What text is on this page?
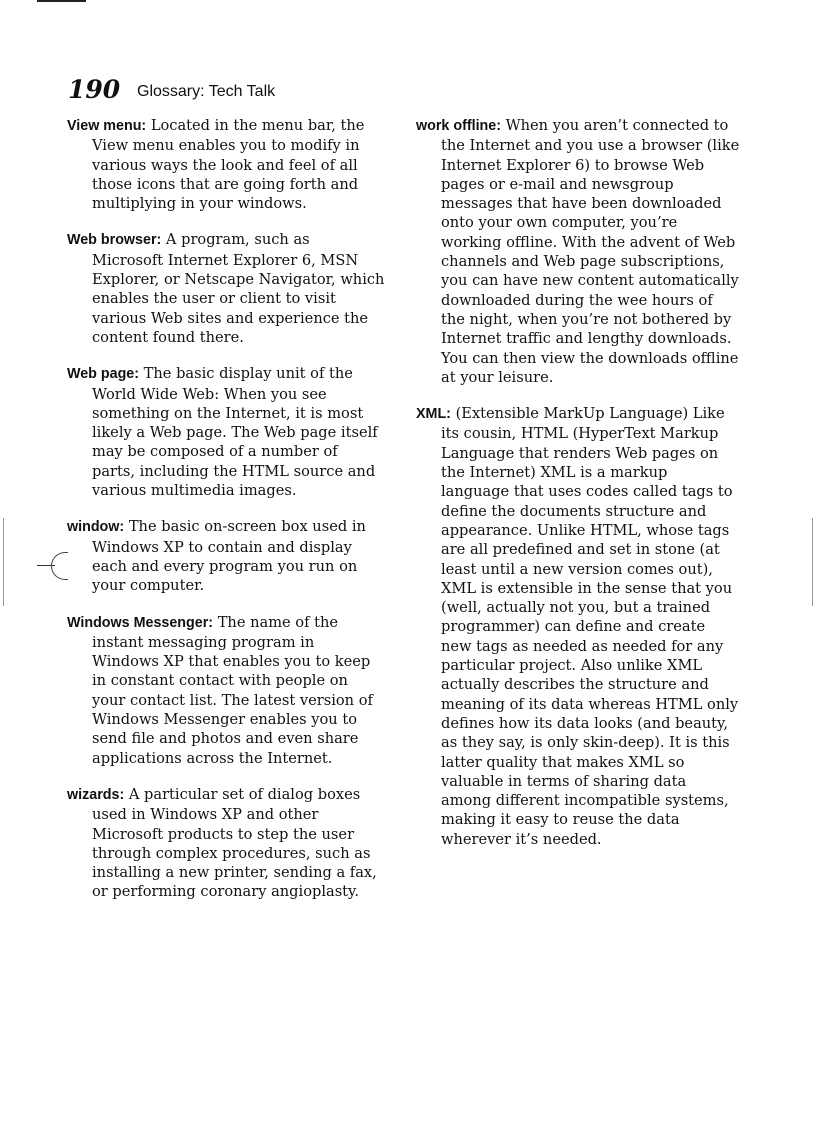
190 Glossary: Tech Talk

View menu: Located in the menu bar, the View menu enables you to modify in various ways the look and feel of all those icons that are going forth and multiplying in your windows.

Web browser: A program, such as Microsoft Internet Explorer 6, MSN Explorer, or Netscape Navigator, which enables the user or client to visit various Web sites and experience the content found there.

Web page: The basic display unit of the World Wide Web: When you see something on the Internet, it is most likely a Web page. The Web page itself may be composed of a number of parts, including the HTML source and various multimedia images.

window: The basic on-screen box used in Windows XP to contain and display each and every program you run on your computer.

Windows Messenger: The name of the instant messaging program in Windows XP that enables you to keep in constant contact with people on your contact list. The latest version of Windows Messenger enables you to send file and photos and even share applications across the Internet.

wizards: A particular set of dialog boxes used in Windows XP and other Microsoft products to step the user through complex procedures, such as installing a new printer, sending a fax, or performing coronary angioplasty.

work offline: When you aren’t connected to the Internet and you use a browser (like Internet Explorer 6) to browse Web pages or e-mail and newsgroup messages that have been downloaded onto your own computer, you’re working offline. With the advent of Web channels and Web page subscriptions, you can have new content automatically downloaded during the wee hours of the night, when you’re not bothered by Internet traffic and lengthy downloads. You can then view the downloads offline at your leisure.

XML: (Extensible MarkUp Language) Like its cousin, HTML (HyperText Markup Language that renders Web pages on the Internet) XML is a markup language that uses codes called tags to define the documents structure and appearance. Unlike HTML, whose tags are all predefined and set in stone (at least until a new version comes out), XML is extensible in the sense that you (well, actually not you, but a trained programmer) can define and create new tags as needed as needed for any particular project. Also unlike XML actually describes the structure and meaning of its data whereas HTML only defines how its data looks (and beauty, as they say, is only skin-deep). It is this latter quality that makes XML so valuable in terms of sharing data among different incompatible systems, making it easy to reuse the data wherever it’s needed.
